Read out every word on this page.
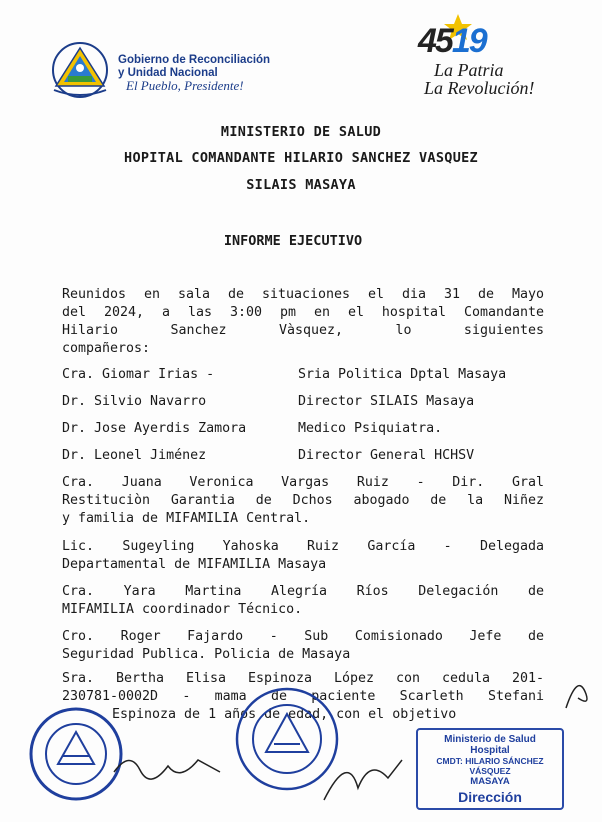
Gobierno de Reconciliación
y Unidad Nacional
El Pueblo, Presidente!
4519
La Patria
La Revolución!
MINISTERIO DE SALUD
HOPITAL COMANDANTE HILARIO SANCHEZ VASQUEZ
SILAIS MASAYA
INFORME EJECUTIVO
Reunidos en sala de situaciones el dia 31 de Mayo
del 2024, a las 3:00 pm en el hospital Comandante
Hilario Sanchez Vàsquez, lo siguientes
compañeros:
Cra. Giomar Irias -	Sria Politica Dptal Masaya
Dr. Silvio Navarro	Director SILAIS Masaya
Dr. Jose Ayerdis Zamora	Medico Psiquiatra.
Dr. Leonel Jiménez	Director General HCHSV
Cra. Juana Veronica Vargas Ruiz - Dir. Gral
Restituciòn Garantia de Dchos abogado de la Niñez
y familia de MIFAMILIA Central.
Lic. Sugeyling Yahoska Ruiz García - Delegada
Departamental de MIFAMILIA Masaya
Cra. Yara Martina Alegría Ríos Delegación de
MIFAMILIA coordinador Técnico.
Cro. Roger Fajardo - Sub Comisionado Jefe de
Seguridad Publica. Policia de Masaya
Sra. Bertha Elisa Espinoza López con cedula 201-
230781-0002D - mama de paciente Scarleth Stefani
Espinoza de 1 años de edad, con el objetivo
Ministerio de Salud
Hospital
CMDT: HILARIO SÁNCHEZ VÁSQUEZ
MASAYA
Dirección
